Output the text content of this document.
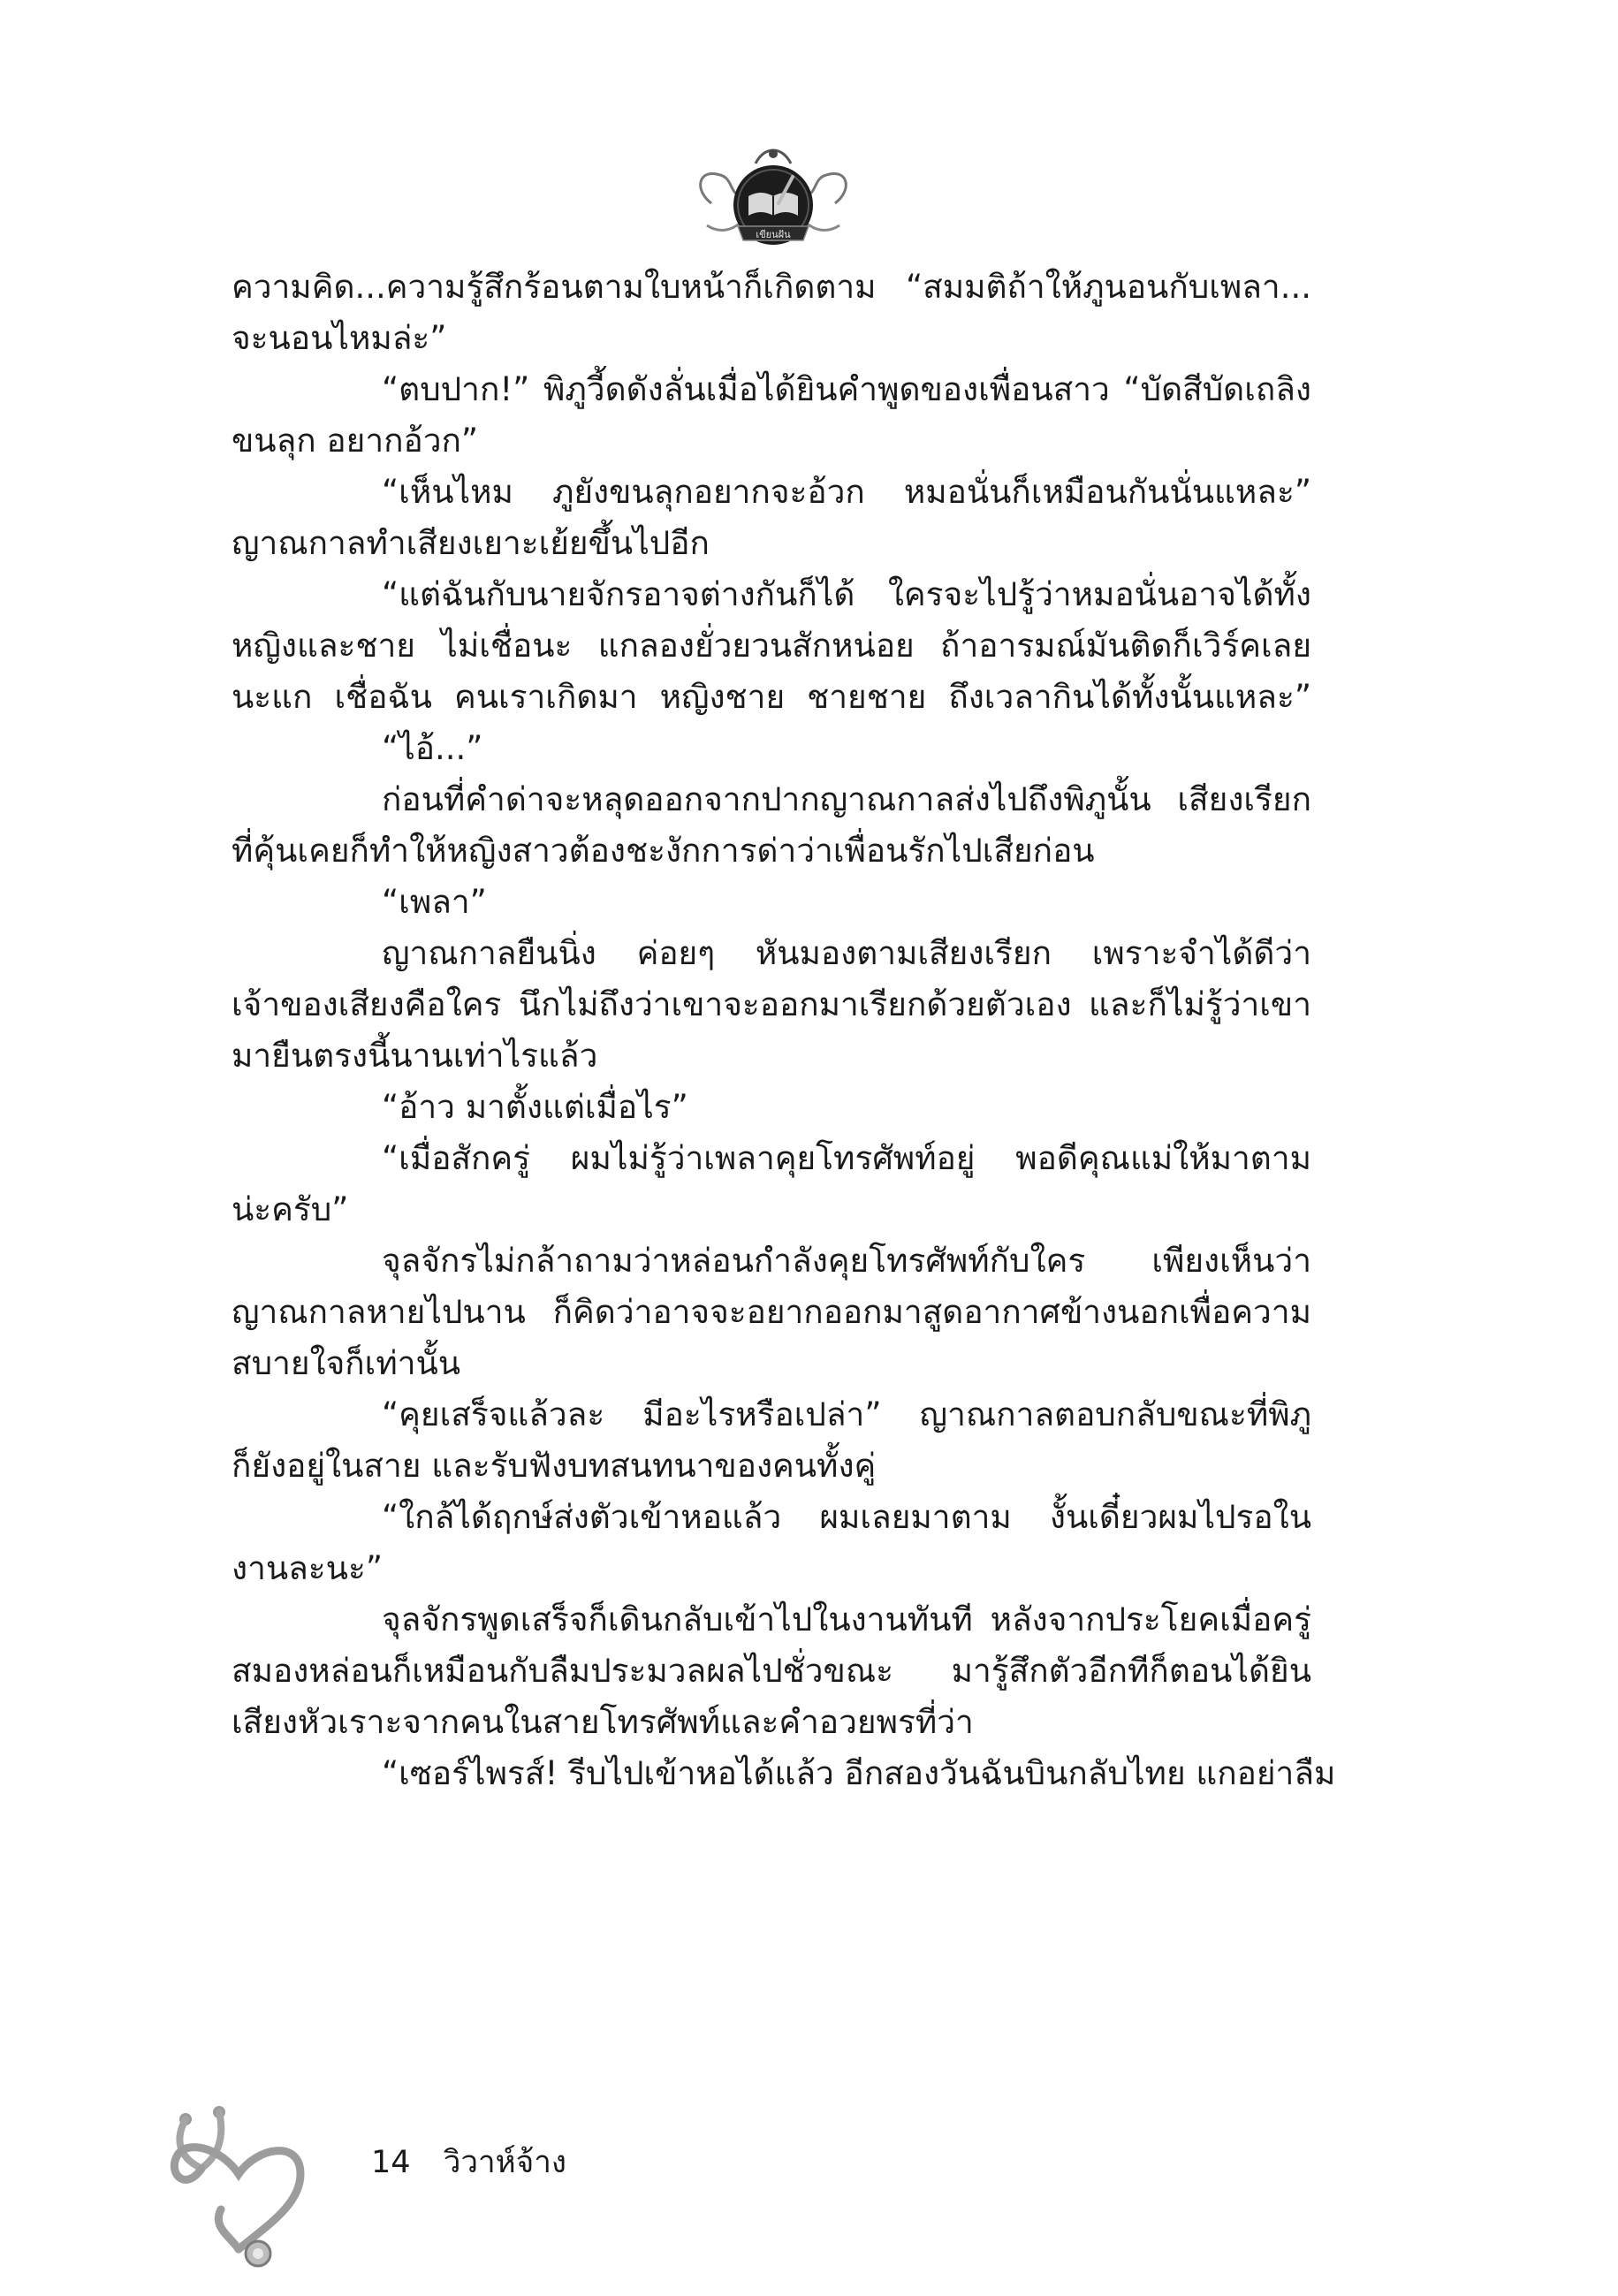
เขียนฝัน
ความคิด...ความรู้สึกร้อนตามใบหน้าก็เกิดตาม “สมมติถ้าให้ภูนอนกับเพลา...
จะนอนไหมล่ะ”
“ตบปาก!” พิภูวี้ดดังลั่นเมื่อได้ยินคำพูดของเพื่อนสาว “บัดสีบัดเถลิง
ขนลุก อยากอ้วก”
“เห็นไหม ภูยังขนลุกอยากจะอ้วก หมอนั่นก็เหมือนกันนั่นแหละ”
ญาณกาลทำเสียงเยาะเย้ยขึ้นไปอีก
“แต่ฉันกับนายจักรอาจต่างกันก็ได้ ใครจะไปรู้ว่าหมอนั่นอาจได้ทั้ง
หญิงและชาย ไม่เชื่อนะ แกลองยั่วยวนสักหน่อย ถ้าอารมณ์มันติดก็เวิร์คเลย
นะแก เชื่อฉัน คนเราเกิดมา หญิงชาย ชายชาย ถึงเวลากินได้ทั้งนั้นแหละ”
“ไอ้...”
ก่อนที่คำด่าจะหลุดออกจากปากญาณกาลส่งไปถึงพิภูนั้น เสียงเรียก
ที่คุ้นเคยก็ทำให้หญิงสาวต้องชะงักการด่าว่าเพื่อนรักไปเสียก่อน
“เพลา”
ญาณกาลยืนนิ่ง ค่อยๆ หันมองตามเสียงเรียก เพราะจำได้ดีว่า
เจ้าของเสียงคือใคร นึกไม่ถึงว่าเขาจะออกมาเรียกด้วยตัวเอง และก็ไม่รู้ว่าเขา
มายืนตรงนี้นานเท่าไรแล้ว
“อ้าว มาตั้งแต่เมื่อไร”
“เมื่อสักครู่ ผมไม่รู้ว่าเพลาคุยโทรศัพท์อยู่ พอดีคุณแม่ให้มาตาม
น่ะครับ”
จุลจักรไม่กล้าถามว่าหล่อนกำลังคุยโทรศัพท์กับใคร เพียงเห็นว่า
ญาณกาลหายไปนาน ก็คิดว่าอาจจะอยากออกมาสูดอากาศข้างนอกเพื่อความ
สบายใจก็เท่านั้น
“คุยเสร็จแล้วละ มีอะไรหรือเปล่า” ญาณกาลตอบกลับขณะที่พิภู
ก็ยังอยู่ในสาย และรับฟังบทสนทนาของคนทั้งคู่
“ใกล้ได้ฤกษ์ส่งตัวเข้าหอแล้ว ผมเลยมาตาม งั้นเดี๋ยวผมไปรอใน
งานละนะ”
จุลจักรพูดเสร็จก็เดินกลับเข้าไปในงานทันที หลังจากประโยคเมื่อครู่
สมองหล่อนก็เหมือนกับลืมประมวลผลไปชั่วขณะ มารู้สึกตัวอีกทีก็ตอนได้ยิน
เสียงหัวเราะจากคนในสายโทรศัพท์และคำอวยพรที่ว่า
“เซอร์ไพรส์! รีบไปเข้าหอได้แล้ว อีกสองวันฉันบินกลับไทย แกอย่าลืม
14 วิวาห์จ้าง
